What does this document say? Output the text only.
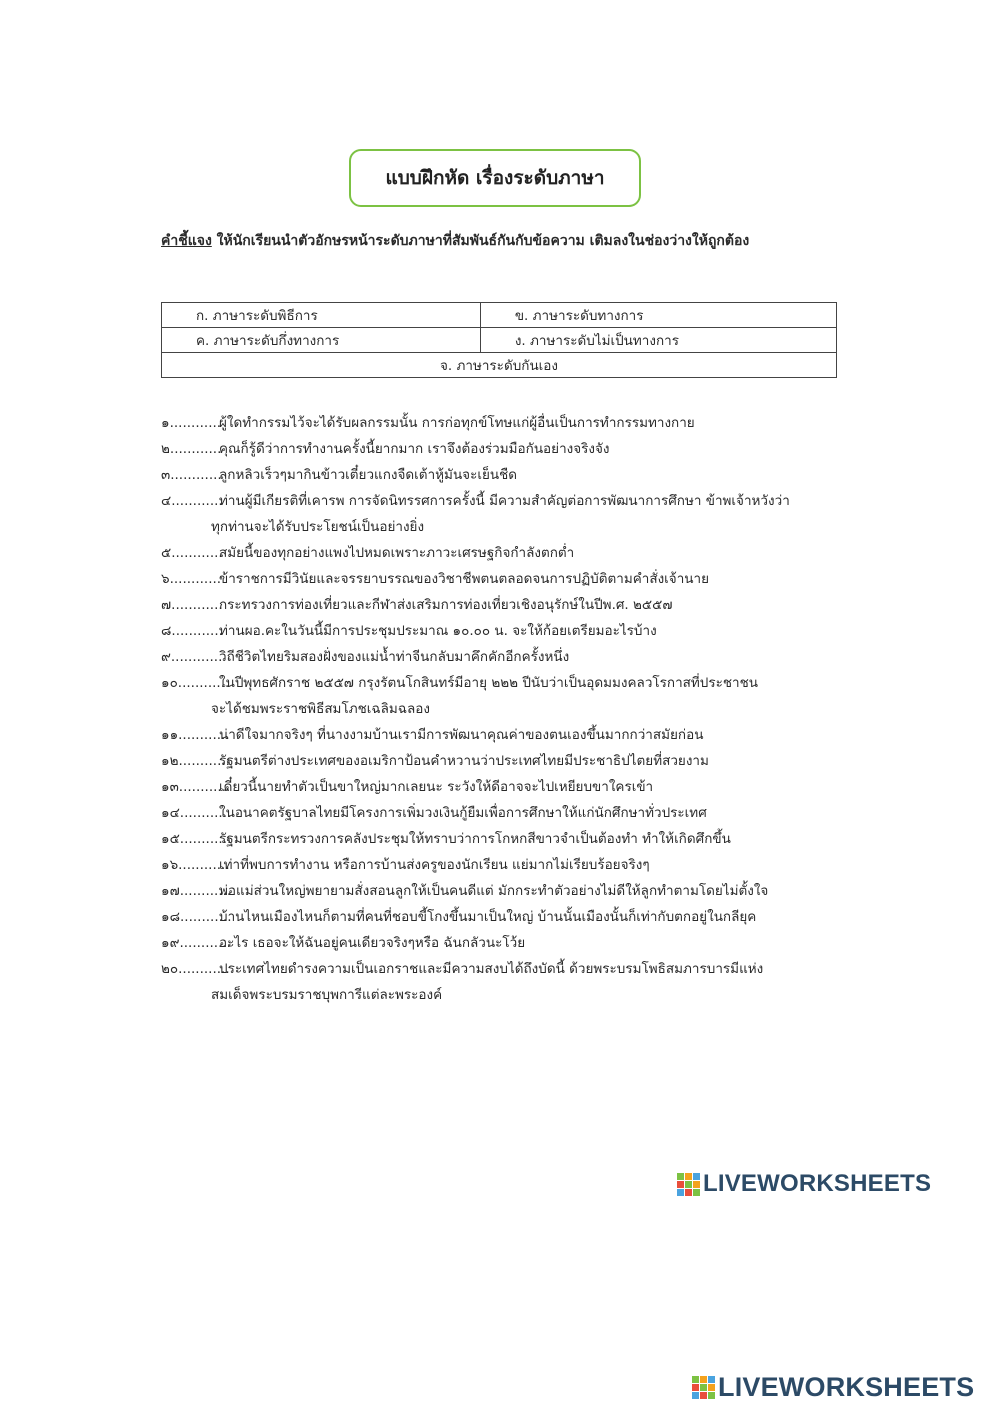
แบบฝึกหัด เรื่องระดับภาษา
คำชี้แจง ให้นักเรียนนำตัวอักษรหน้าระดับภาษาที่สัมพันธ์กันกับข้อความ เติมลงในช่องว่างให้ถูกต้อง
ก. ภาษาระดับพิธีการ	ข. ภาษาระดับทางการ
ค. ภาษาระดับกึ่งทางการ	ง. ภาษาระดับไม่เป็นทางการ
จ. ภาษาระดับกันเอง	
๑............
ผู้ใดทำกรรมไว้จะได้รับผลกรรมนั้น การก่อทุกข์โทษแก่ผู้อื่นเป็นการทำกรรมทางกาย
๒............
คุณก็รู้ดีว่าการทำงานครั้งนี้ยากมาก เราจึงต้องร่วมมือกันอย่างจริงจัง
๓............
ลูกหลิวเร็วๆมากินข้าวเตี๋ยวแกงจืดเต้าหู้มันจะเย็นชืด
๔............
ท่านผู้มีเกียรติที่เคารพ การจัดนิทรรศการครั้งนี้ มีความสำคัญต่อการพัฒนาการศึกษา ข้าพเจ้าหวังว่า
ทุกท่านจะได้รับประโยชน์เป็นอย่างยิ่ง
๕............
สมัยนี้ของทุกอย่างแพงไปหมดเพราะภาวะเศรษฐกิจกำลังตกต่ำ
๖............
ข้าราชการมีวินัยและจรรยาบรรณของวิชาชีพตนตลอดจนการปฏิบัติตามคำสั่งเจ้านาย
๗............
กระทรวงการท่องเที่ยวและกีฬาส่งเสริมการท่องเที่ยวเชิงอนุรักษ์ในปีพ.ศ. ๒๕๕๗
๘............
ท่านผอ.คะในวันนี้มีการประชุมประมาณ ๑๐.๐๐ น. จะให้ก้อยเตรียมอะไรบ้าง
๙............
วิถีชีวิตไทยริมสองฝั่งของแม่น้ำท่าจีนกลับมาคึกคักอีกครั้งหนึ่ง
๑๐............
ในปีพุทธศักราช ๒๕๕๗ กรุงรัตนโกสินทร์มีอายุ ๒๒๒ ปีนับว่าเป็นอุดมมงคลวโรกาสที่ประชาชน
จะได้ชมพระราชพิธีสมโภชเฉลิมฉลอง
๑๑............
น่าดีใจมากจริงๆ ที่นางงามบ้านเรามีการพัฒนาคุณค่าของตนเองขึ้นมากกว่าสมัยก่อน
๑๒............
รัฐมนตรีต่างประเทศของอเมริกาป้อนคำหวานว่าประเทศไทยมีประชาธิปไตยที่สวยงาม
๑๓............
เดี๋ยวนี้นายทำตัวเป็นขาใหญ่มากเลยนะ ระวังให้ดีอาจจะไปเหยียบขาใครเข้า
๑๔............
ในอนาคตรัฐบาลไทยมีโครงการเพิ่มวงเงินกู้ยืมเพื่อการศึกษาให้แก่นักศึกษาทั่วประเทศ
๑๕............
รัฐมนตรีกระทรวงการคลังประชุมให้ทราบว่าการโกหกสีขาวจำเป็นต้องทำ ทำให้เกิดศึกขึ้น
๑๖............
เท่าที่พบการทำงาน หรือการบ้านส่งครูของนักเรียน แย่มากไม่เรียบร้อยจริงๆ
๑๗............
พ่อแม่ส่วนใหญ่พยายามสั่งสอนลูกให้เป็นคนดีแต่ มักกระทำตัวอย่างไม่ดีให้ลูกทำตามโดยไม่ตั้งใจ
๑๘............
บ้านไหนเมืองไหนก็ตามที่คนที่ชอบขี้โกงขึ้นมาเป็นใหญ่ บ้านนั้นเมืองนั้นก็เท่ากับตกอยู่ในกลียุค
๑๙............
อะไร เธอจะให้ฉันอยู่คนเดียวจริงๆหรือ ฉันกลัวนะโว้ย
๒๐............
ประเทศไทยดำรงความเป็นเอกราชและมีความสงบได้ถึงบัดนี้ ด้วยพระบรมโพธิสมภารบารมีแห่ง
สมเด็จพระบรมราชบุพการีแต่ละพระองค์
LIVEWORKSHEETS
LIVEWORKSHEETS
